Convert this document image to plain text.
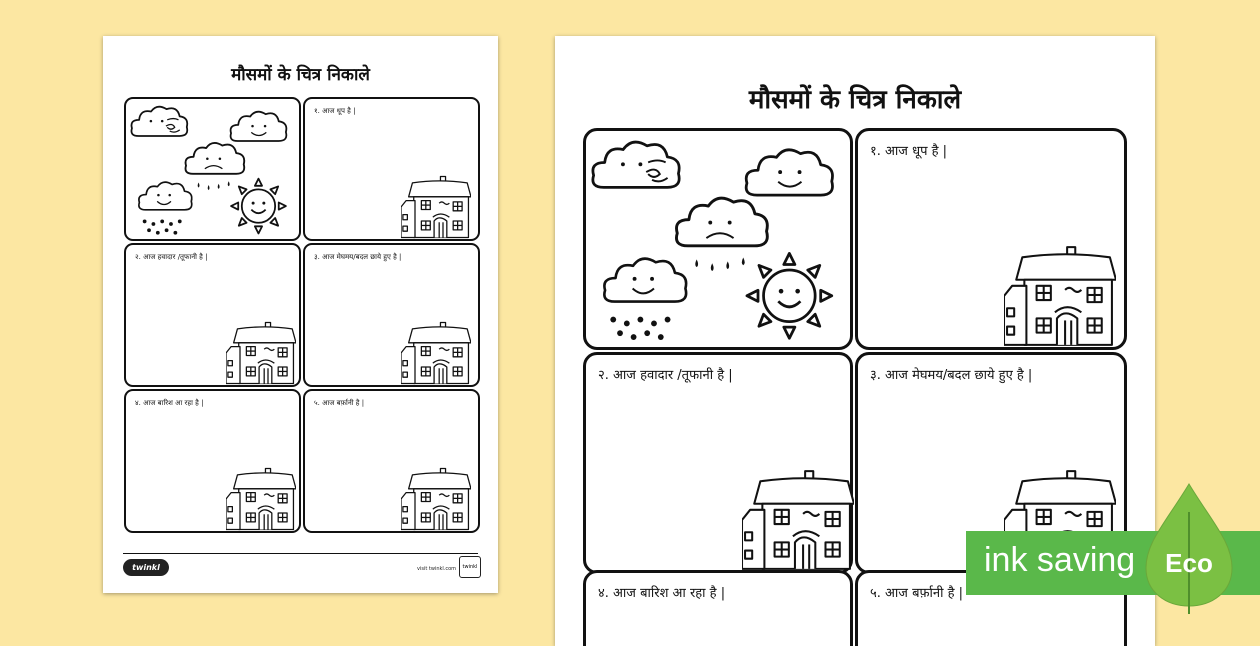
मौसमों के चित्र निकाले
१. आज धूप है |
२. आज हवादार /तूफानी है |	३. आज मेघमय/बदल छाये हुए है |
४. आज बारिश आ रहा है |	५. आज बर्फ़ानी है |
twinkl	visit twinkl.com	twinkl
मौसमों के चित्र निकाले
१. आज धूप है |
२. आज हवादार /तूफानी है |	३. आज मेघमय/बदल छाये हुए है |
४. आज बारिश आ रहा है |	५. आज बर्फ़ानी है |
ink saving Eco
